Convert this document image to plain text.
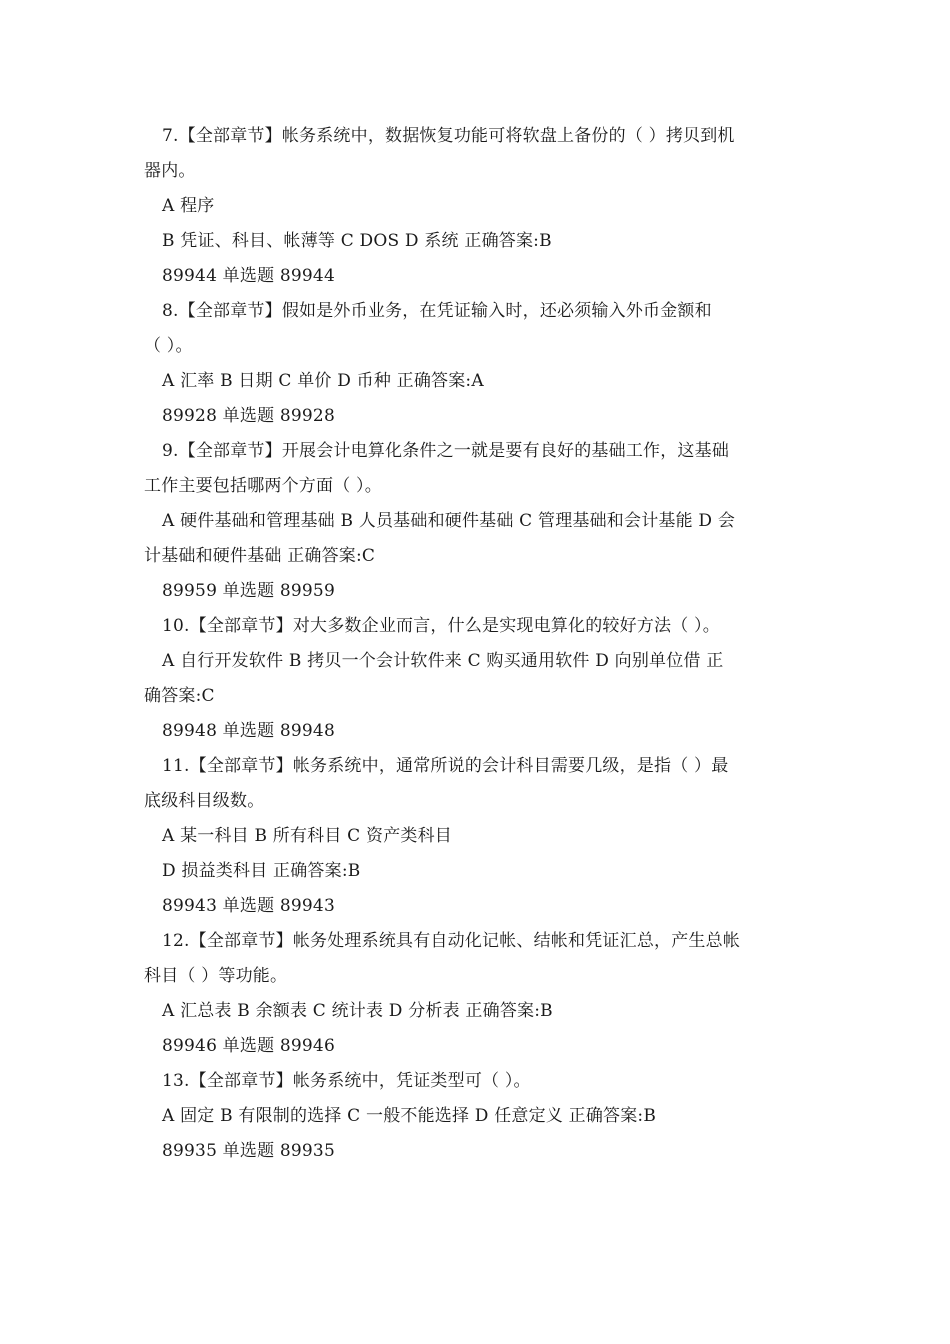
7.【全部章节】帐务系统中，数据恢复功能可将软盘上备份的（ ）拷贝到机

器内。

A 程序

B 凭证、科目、帐薄等 C DOS D 系统 正确答案:B

89944 单选题 89944

8.【全部章节】假如是外币业务，在凭证输入时，还必须输入外币金额和

（ ）。

A 汇率 B 日期 C 单价 D 币种 正确答案:A

89928 单选题 89928

9.【全部章节】开展会计电算化条件之一就是要有良好的基础工作，这基础

工作主要包括哪两个方面（ ）。

A 硬件基础和管理基础 B 人员基础和硬件基础 C 管理基础和会计基能 D 会

计基础和硬件基础 正确答案:C

89959 单选题 89959

10.【全部章节】对大多数企业而言，什么是实现电算化的较好方法（ ）。

A 自行开发软件 B 拷贝一个会计软件来 C 购买通用软件 D 向别单位借 正

确答案:C

89948 单选题 89948

11.【全部章节】帐务系统中，通常所说的会计科目需要几级，是指（ ）最

底级科目级数。

A 某一科目 B 所有科目 C 资产类科目

D 损益类科目 正确答案:B

89943 单选题 89943

12.【全部章节】帐务处理系统具有自动化记帐、结帐和凭证汇总，产生总帐

科目（ ）等功能。

A 汇总表 B 余额表 C 统计表 D 分析表 正确答案:B

89946 单选题 89946

13.【全部章节】帐务系统中，凭证类型可（ ）。

A 固定 B 有限制的选择 C 一般不能选择 D 任意定义 正确答案:B

89935 单选题 89935
